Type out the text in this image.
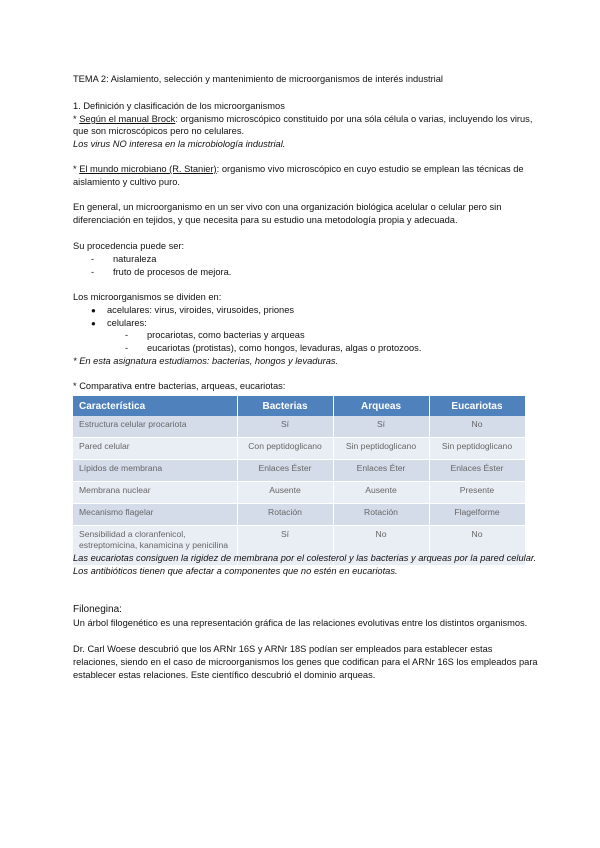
TEMA 2: Aislamiento, selección y mantenimiento de microorganismos de interés industrial
1. Definición y clasificación de los microorganismos
* Según el manual Brock: organismo microscópico constituido por una sóla célula o varias, incluyendo los virus,
que son microscópicos pero no celulares.
Los virus NO interesa en la microbiología industrial.
* El mundo microbiano (R. Stanier): organismo vivo microscópico en cuyo estudio se emplean las técnicas de
aislamiento y cultivo puro.
En general, un microorganismo en un ser vivo con una organización biológica acelular o celular pero sin
diferenciación en tejidos, y que necesita para su estudio una metodología propia y adecuada.
Su procedencia puede ser:
- naturaleza
- fruto de procesos de mejora.
Los microorganismos se dividen en:
● acelulares: virus, viroides, virusoides, priones
● celulares:
- procariotas, como bacterias y arqueas
- eucariotas (protistas), como hongos, levaduras, algas o protozoos.
* En esta asignatura estudiamos: bacterias, hongos y levaduras.
* Comparativa entre bacterias, arqueas, eucariotas:
Característica	Bacterias	Arqueas	Eucariotas
Estructura celular procariota	Sí	Sí	No
Pared celular	Con peptidoglicano	Sin peptidoglicano	Sin peptidoglicano
Lípidos de membrana	Enlaces Éster	Enlaces Éter	Enlaces Éster
Membrana nuclear	Ausente	Ausente	Presente
Mecanismo flagelar	Rotación	Rotación	Flagelforme
Sensibilidad a cloranfenicol, estreptomicina, kanamicina y penicilina	Sí	No	No
Las eucariotas consiguen la rigidez de membrana por el colesterol y las bacterias y arqueas por la pared celular.
Los antibióticos tienen que afectar a componentes que no estén en eucariotas.
Filonegina:
Un árbol filogenético es una representación gráfica de las relaciones evolutivas entre los distintos organismos.
Dr. Carl Woese descubrió que los ARNr 16S y ARNr 18S podían ser empleados para establecer estas
relaciones, siendo en el caso de microorganismos los genes que codifican para el ARNr 16S los empleados para
establecer estas relaciones. Este científico descubrió el dominio arqueas.
